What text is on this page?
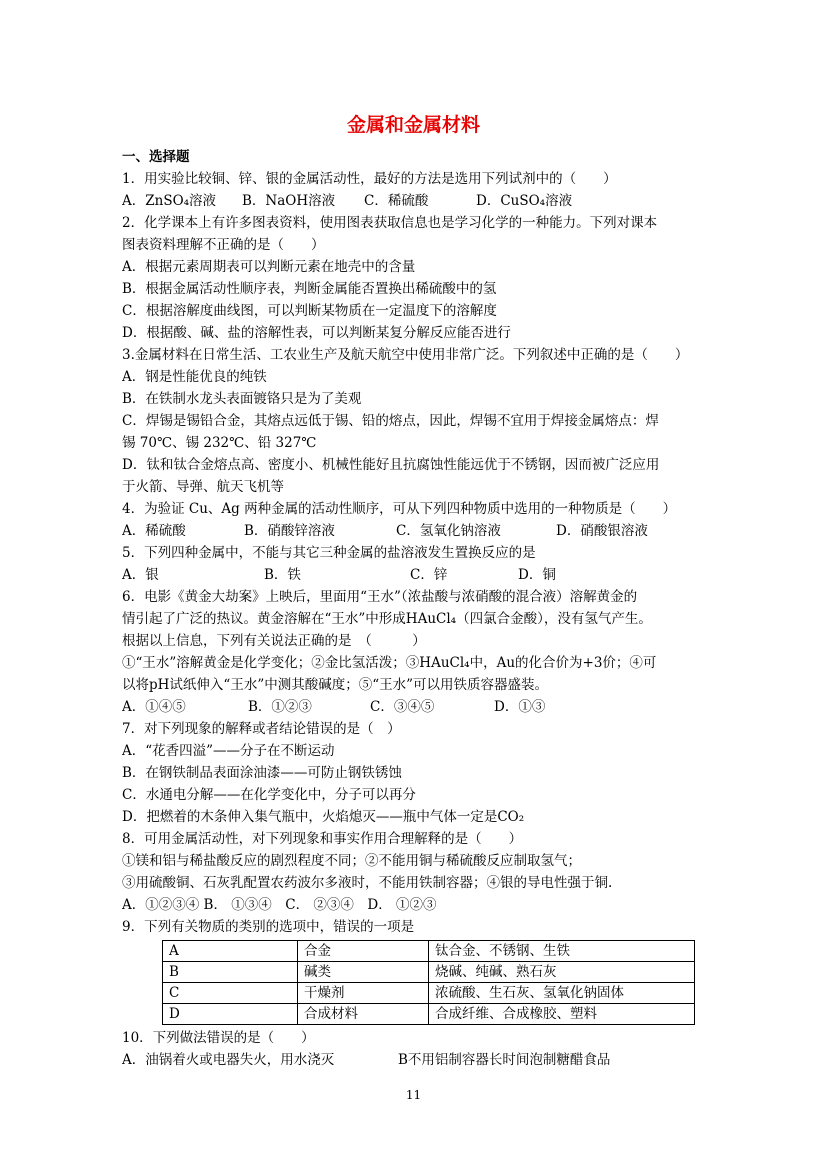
金属和金属材料
一、选择题
1．用实验比较铜、锌、银的金属活动性，最好的方法是选用下列试剂中的（　　）
A．ZnSO₄溶液 B．NaOH溶液 C．稀硫酸	D．CuSO₄溶液
2．化学课本上有许多图表资料，使用图表获取信息也是学习化学的一种能力。下列对课本
图表资料理解不正确的是（　　）
A．根据元素周期表可以判断元素在地壳中的含量
B．根据金属活动性顺序表，判断金属能否置换出稀硫酸中的氢
C．根据溶解度曲线图，可以判断某物质在一定温度下的溶解度
D．根据酸、碱、盐的溶解性表，可以判断某复分解反应能否进行
3.金属材料在日常生活、工农业生产及航天航空中使用非常广泛。下列叙述中正确的是（　　）
A．钢是性能优良的纯铁
B．在铁制水龙头表面镀铬只是为了美观
C．焊锡是锡铅合金，其熔点远低于锡、铅的熔点，因此，焊锡不宜用于焊接金属熔点：焊
锡 70℃、锡 232℃、铅 327℃
D．钛和钛合金熔点高、密度小、机械性能好且抗腐蚀性能远优于不锈钢，因而被广泛应用
于火箭、导弹、航天飞机等
4．为验证 Cu、Ag 两种金属的活动性顺序，可从下列四种物质中选用的一种物质是（　　）
A．稀硫酸	B．硝酸锌溶液	C．氢氧化钠溶液	D．硝酸银溶液
5．下列四种金属中，不能与其它三种金属的盐溶液发生置换反应的是
A．银	B．铁	C．锌	D．铜
6．电影《黄金大劫案》上映后，里面用“王水”（浓盐酸与浓硝酸的混合液）溶解黄金的
情引起了广泛的热议。黄金溶解在“王水”中形成HAuCl₄（四氯合金酸），没有氢气产生。
根据以上信息，下列有关说法正确的是　（　　　）
①“王水”溶解黄金是化学变化；②金比氢活泼；③HAuCl₄中，Au的化合价为+3价；④可
以将pH试纸伸入“王水”中测其酸碱度；⑤“王水”可以用铁质容器盛装。
A．①④⑤	B．①②③	C．③④⑤	D．①③
7．对下列现象的解释或者结论错误的是（　）
A．“花香四溢”——分子在不断运动
B．在钢铁制品表面涂油漆——可防止钢铁锈蚀
C．水通电分解——在化学变化中，分子可以再分
D．把燃着的木条伸入集气瓶中，火焰熄灭——瓶中气体一定是CO₂
8．可用金属活动性，对下列现象和事实作用合理解释的是（　　）
①镁和铝与稀盐酸反应的剧烈程度不同；②不能用铜与稀硫酸反应制取氢气；
③用硫酸铜、石灰乳配置农药波尔多液时，不能用铁制容器；④银的导电性强于铜.
A．①②③④ B． ①③④　C． ②③④　D． ①②③
9．下列有关物质的类别的选项中，错误的一项是
A	合金	钛合金、不锈钢、生铁
B	碱类	烧碱、纯碱、熟石灰
C	干燥剂	浓硫酸、生石灰、氢氧化钠固体
D	合成材料	合成纤维、合成橡胶、塑料
10．下列做法错误的是（　　）
A．油锅着火或电器失火，用水浇灭	B不用铝制容器长时间泡制糖醋食品
11
